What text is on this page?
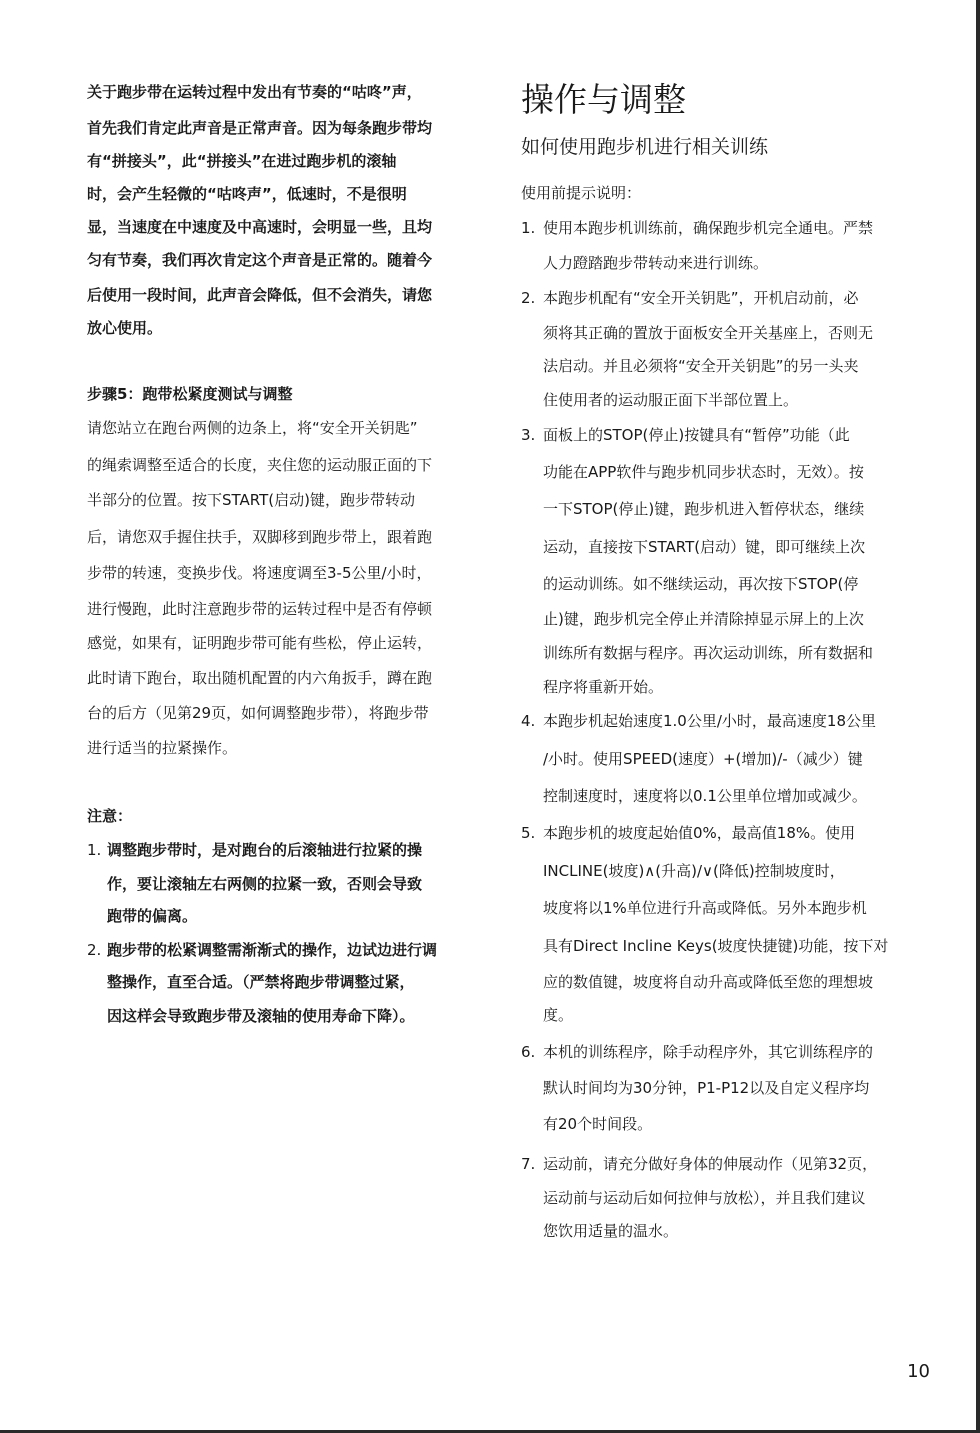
关于跑步带在运转过程中发出有节奏的“咕咚”声，
首先我们肯定此声音是正常声音。因为每条跑步带均
有“拼接头”，此“拼接头”在进过跑步机的滚轴
时，会产生轻微的“咕咚声”，低速时，不是很明
显，当速度在中速度及中高速时，会明显一些，且均
匀有节奏，我们再次肯定这个声音是正常的。随着今
后使用一段时间，此声音会降低，但不会消失，请您
放心使用。
步骤5：跑带松紧度测试与调整
请您站立在跑台两侧的边条上，将“安全开关钥匙”
的绳索调整至适合的长度，夹住您的运动服正面的下
半部分的位置。按下START(启动)键，跑步带转动
后，请您双手握住扶手，双脚移到跑步带上，跟着跑
步带的转速，变换步伐。将速度调至3-5公里/小时，
进行慢跑，此时注意跑步带的运转过程中是否有停顿
感觉，如果有，证明跑步带可能有些松，停止运转，
此时请下跑台，取出随机配置的内六角扳手，蹲在跑
台的后方（见第29页，如何调整跑步带），将跑步带
进行适当的拉紧操作。
注意：
1. 调整跑步带时，是对跑台的后滚轴进行拉紧的操
作，要让滚轴左右两侧的拉紧一致，否则会导致
跑带的偏离。
2. 跑步带的松紧调整需渐渐式的操作，边试边进行调
整操作，直至合适。（严禁将跑步带调整过紧，
因这样会导致跑步带及滚轴的使用寿命下降）。
操作与调整
如何使用跑步机进行相关训练
使用前提示说明：
1. 使用本跑步机训练前，确保跑步机完全通电。严禁
人力蹬踏跑步带转动来进行训练。
2. 本跑步机配有“安全开关钥匙”，开机启动前，必
须将其正确的置放于面板安全开关基座上，否则无
法启动。并且必须将“安全开关钥匙”的另一头夹
住使用者的运动服正面下半部位置上。
3. 面板上的STOP(停止)按键具有“暂停”功能（此
功能在APP软件与跑步机同步状态时，无效）。按
一下STOP(停止)键，跑步机进入暂停状态，继续
运动，直接按下START(启动）键，即可继续上次
的运动训练。如不继续运动，再次按下STOP(停
止)键，跑步机完全停止并清除掉显示屏上的上次
训练所有数据与程序。再次运动训练，所有数据和
程序将重新开始。
4. 本跑步机起始速度1.0公里/小时，最高速度18公里
/小时。使用SPEED(速度）+(增加)/-（减少）键
控制速度时，速度将以0.1公里单位增加或减少。
5. 本跑步机的坡度起始值0%，最高值18%。使用
INCLINE(坡度)∧(升高)/∨(降低)控制坡度时，
坡度将以1%单位进行升高或降低。另外本跑步机
具有Direct Incline Keys(坡度快捷键)功能，按下对
应的数值键，坡度将自动升高或降低至您的理想坡
度。
6. 本机的训练程序，除手动程序外，其它训练程序的
默认时间均为30分钟，P1-P12以及自定义程序均
有20个时间段。
7. 运动前，请充分做好身体的伸展动作（见第32页，
运动前与运动后如何拉伸与放松），并且我们建议
您饮用适量的温水。
10
